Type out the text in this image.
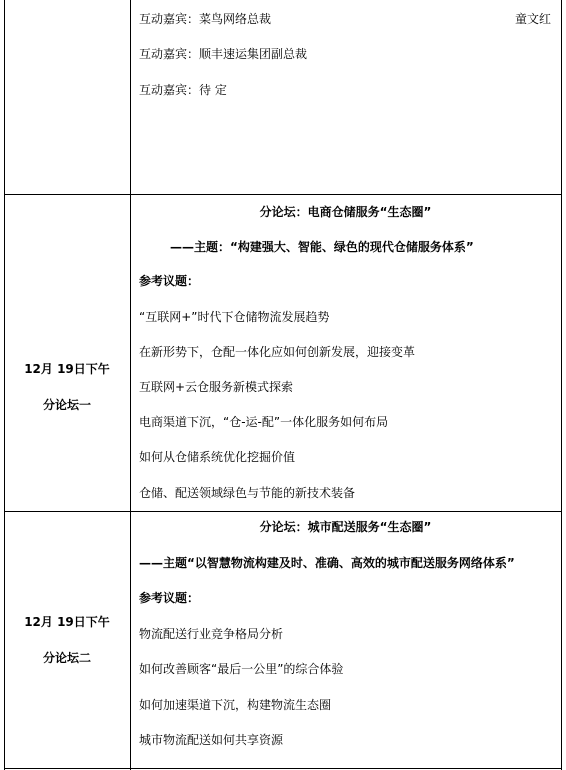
互动嘉宾：菜鸟网络总裁	童文红
互动嘉宾：顺丰速运集团副总裁
互动嘉宾：待 定
12月 19日下午
分论坛一
分论坛：电商仓储服务“生态圈”
——主题：“构建强大、智能、绿色的现代仓储服务体系”
参考议题：
“互联网+”时代下仓储物流发展趋势
在新形势下，仓配一体化应如何创新发展，迎接变革
互联网+云仓服务新模式探索
电商渠道下沉，“仓-运-配”一体化服务如何布局
如何从仓储系统优化挖掘价值
仓储、配送领域绿色与节能的新技术装备
12月 19日下午
分论坛二
分论坛：城市配送服务“生态圈”
——主题“以智慧物流构建及时、准确、高效的城市配送服务网络体系”
参考议题：
物流配送行业竞争格局分析
如何改善顾客“最后一公里”的综合体验
如何加速渠道下沉，构建物流生态圈
城市物流配送如何共享资源
